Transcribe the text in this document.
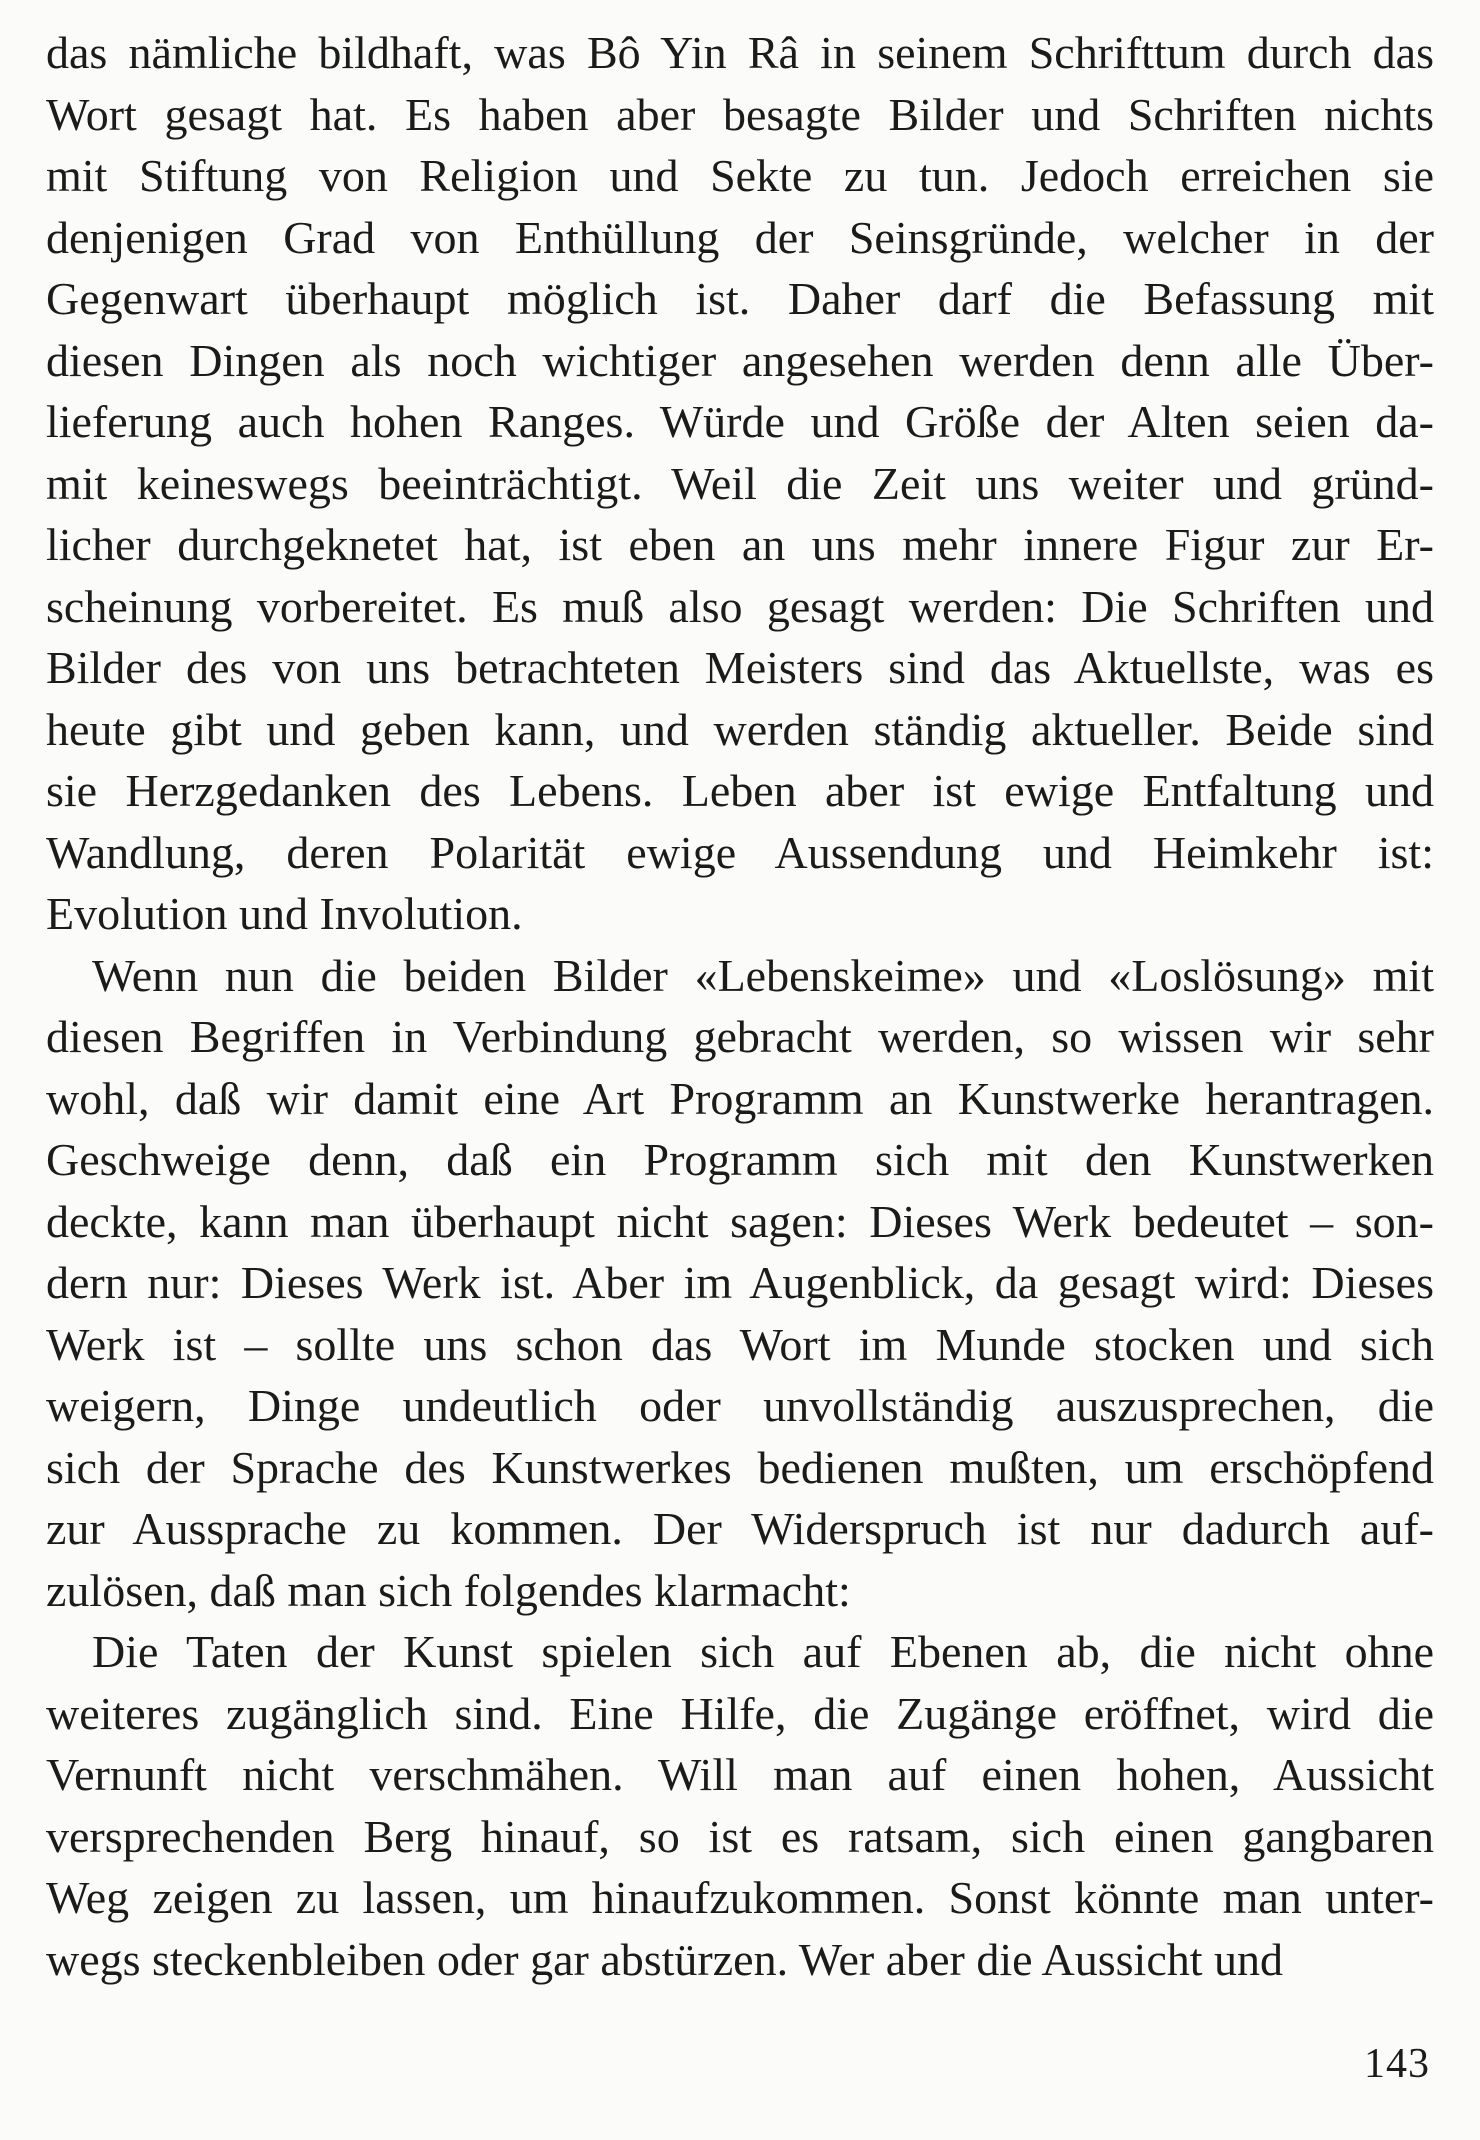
das nämliche bildhaft, was Bô Yin Râ in seinem Schrifttum durch das
Wort gesagt hat. Es haben aber besagte Bilder und Schriften nichts
mit Stiftung von Religion und Sekte zu tun. Jedoch erreichen sie
denjenigen Grad von Enthüllung der Seinsgründe, welcher in der
Gegenwart überhaupt möglich ist. Daher darf die Befassung mit
diesen Dingen als noch wichtiger angesehen werden denn alle Über-
lieferung auch hohen Ranges. Würde und Größe der Alten seien da-
mit keineswegs beeinträchtigt. Weil die Zeit uns weiter und gründ-
licher durchgeknetet hat, ist eben an uns mehr innere Figur zur Er-
scheinung vorbereitet. Es muß also gesagt werden: Die Schriften und
Bilder des von uns betrachteten Meisters sind das Aktuellste, was es
heute gibt und geben kann, und werden ständig aktueller. Beide sind
sie Herzgedanken des Lebens. Leben aber ist ewige Entfaltung und
Wandlung, deren Polarität ewige Aussendung und Heimkehr ist:
Evolution und Involution.
Wenn nun die beiden Bilder «Lebenskeime» und «Loslösung» mit
diesen Begriffen in Verbindung gebracht werden, so wissen wir sehr
wohl, daß wir damit eine Art Programm an Kunstwerke herantragen.
Geschweige denn, daß ein Programm sich mit den Kunstwerken
deckte, kann man überhaupt nicht sagen: Dieses Werk bedeutet – son-
dern nur: Dieses Werk ist. Aber im Augenblick, da gesagt wird: Dieses
Werk ist – sollte uns schon das Wort im Munde stocken und sich
weigern, Dinge undeutlich oder unvollständig auszusprechen, die
sich der Sprache des Kunstwerkes bedienen mußten, um erschöpfend
zur Aussprache zu kommen. Der Widerspruch ist nur dadurch auf-
zulösen, daß man sich folgendes klarmacht:
Die Taten der Kunst spielen sich auf Ebenen ab, die nicht ohne
weiteres zugänglich sind. Eine Hilfe, die Zugänge eröffnet, wird die
Vernunft nicht verschmähen. Will man auf einen hohen, Aussicht
versprechenden Berg hinauf, so ist es ratsam, sich einen gangbaren
Weg zeigen zu lassen, um hinaufzukommen. Sonst könnte man unter-
wegs steckenbleiben oder gar abstürzen. Wer aber die Aussicht und
143
